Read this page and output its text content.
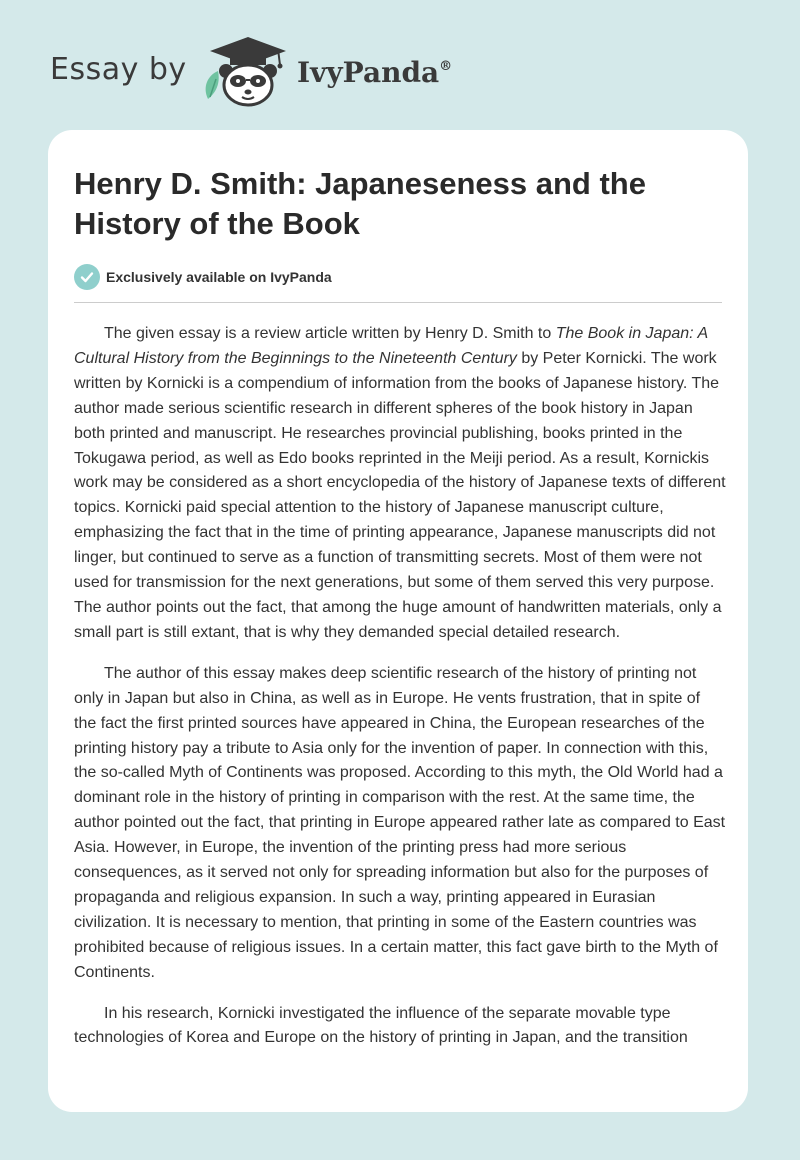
Essay by	IvyPanda®
Henry D. Smith: Japaneseness and the History of the Book
Exclusively available on IvyPanda

The given essay is a review article written by Henry D. Smith to The Book in Japan: A Cultural History from the Beginnings to the Nineteenth Century by Peter Kornicki. The work written by Kornicki is a compendium of information from the books of Japanese history. The author made serious scientific research in different spheres of the book history in Japan both printed and manuscript. He researches provincial publishing, books printed in the Tokugawa period, as well as Edo books reprinted in the Meiji period. As a result, Kornickis work may be considered as a short encyclopedia of the history of Japanese texts of different topics. Kornicki paid special attention to the history of Japanese manuscript culture, emphasizing the fact that in the time of printing appearance, Japanese manuscripts did not linger, but continued to serve as a function of transmitting secrets. Most of them were not used for transmission for the next generations, but some of them served this very purpose. The author points out the fact, that among the huge amount of handwritten materials, only a small part is still extant, that is why they demanded special detailed research.

The author of this essay makes deep scientific research of the history of printing not only in Japan but also in China, as well as in Europe. He vents frustration, that in spite of the fact the first printed sources have appeared in China, the European researches of the printing history pay a tribute to Asia only for the invention of paper. In connection with this, the so-called Myth of Continents was proposed. According to this myth, the Old World had a dominant role in the history of printing in comparison with the rest. At the same time, the author pointed out the fact, that printing in Europe appeared rather late as compared to East Asia. However, in Europe, the invention of the printing press had more serious consequences, as it served not only for spreading information but also for the purposes of propaganda and religious expansion. In such a way, printing appeared in Eurasian civilization. It is necessary to mention, that printing in some of the Eastern countries was prohibited because of religious issues. In a certain matter, this fact gave birth to the Myth of Continents.

In his research, Kornicki investigated the influence of the separate movable type technologies of Korea and Europe on the history of printing in Japan, and the transition
